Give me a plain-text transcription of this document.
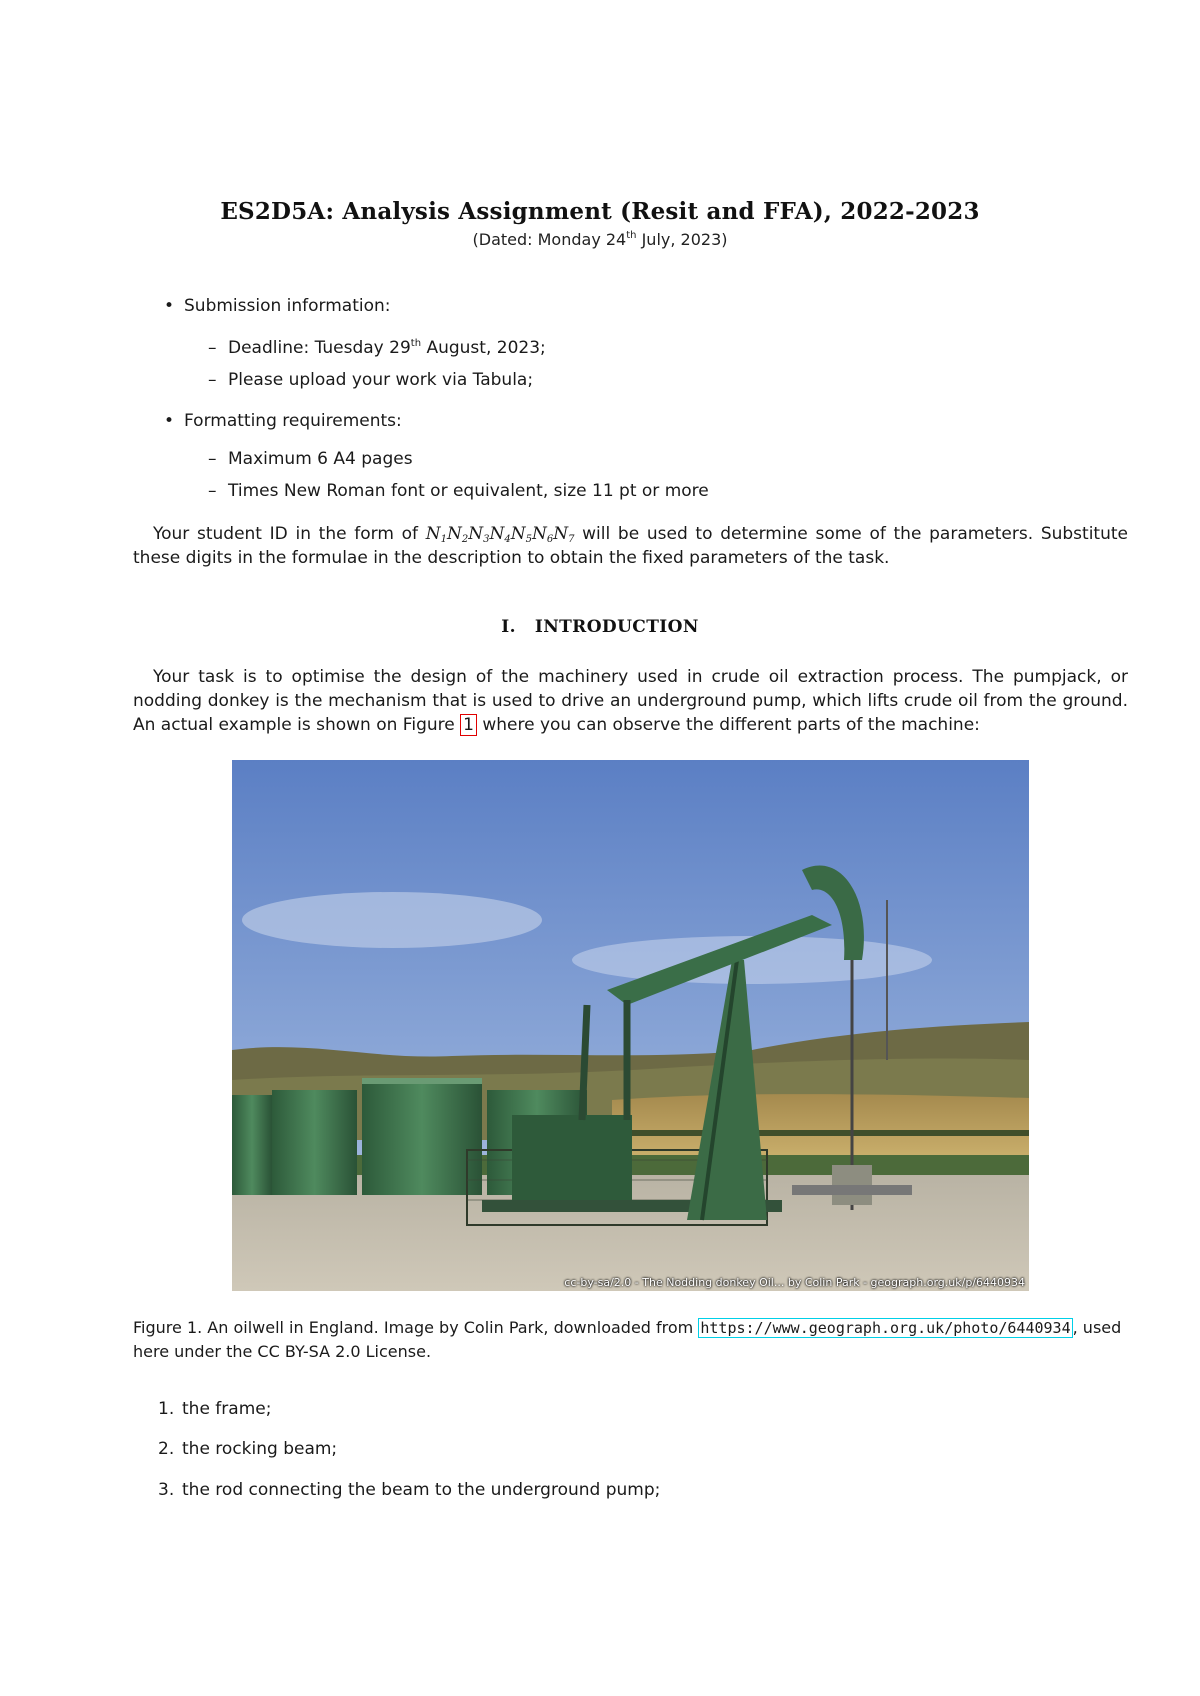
ES2D5A: Analysis Assignment (Resit and FFA), 2022-2023
(Dated: Monday 24th July, 2023)
• Submission information:
– Deadline: Tuesday 29th August, 2023;
– Please upload your work via Tabula;
• Formatting requirements:
– Maximum 6 A4 pages
– Times New Roman font or equivalent, size 11 pt or more
Your student ID in the form of $N_1N_2N_3N_4N_5N_6N_7$ will be used to determine some of the parameters. Substitute these digits in the formulae in the description to obtain the fixed parameters of the task.
I.   INTRODUCTION
Your task is to optimise the design of the machinery used in crude oil extraction process. The pumpjack, or nodding donkey is the mechanism that is used to drive an underground pump, which lifts crude oil from the ground. An actual example is shown on Figure 1 where you can observe the different parts of the machine:
cc-by-sa/2.0 - The Nodding donkey Oil... by Colin Park - geograph.org.uk/p/6440934
Figure 1. An oilwell in England. Image by Colin Park, downloaded from https://www.geograph.org.uk/photo/6440934 , used here under the CC BY-SA 2.0 License.
1. the frame;
2. the rocking beam;
3. the rod connecting the beam to the underground pump;
